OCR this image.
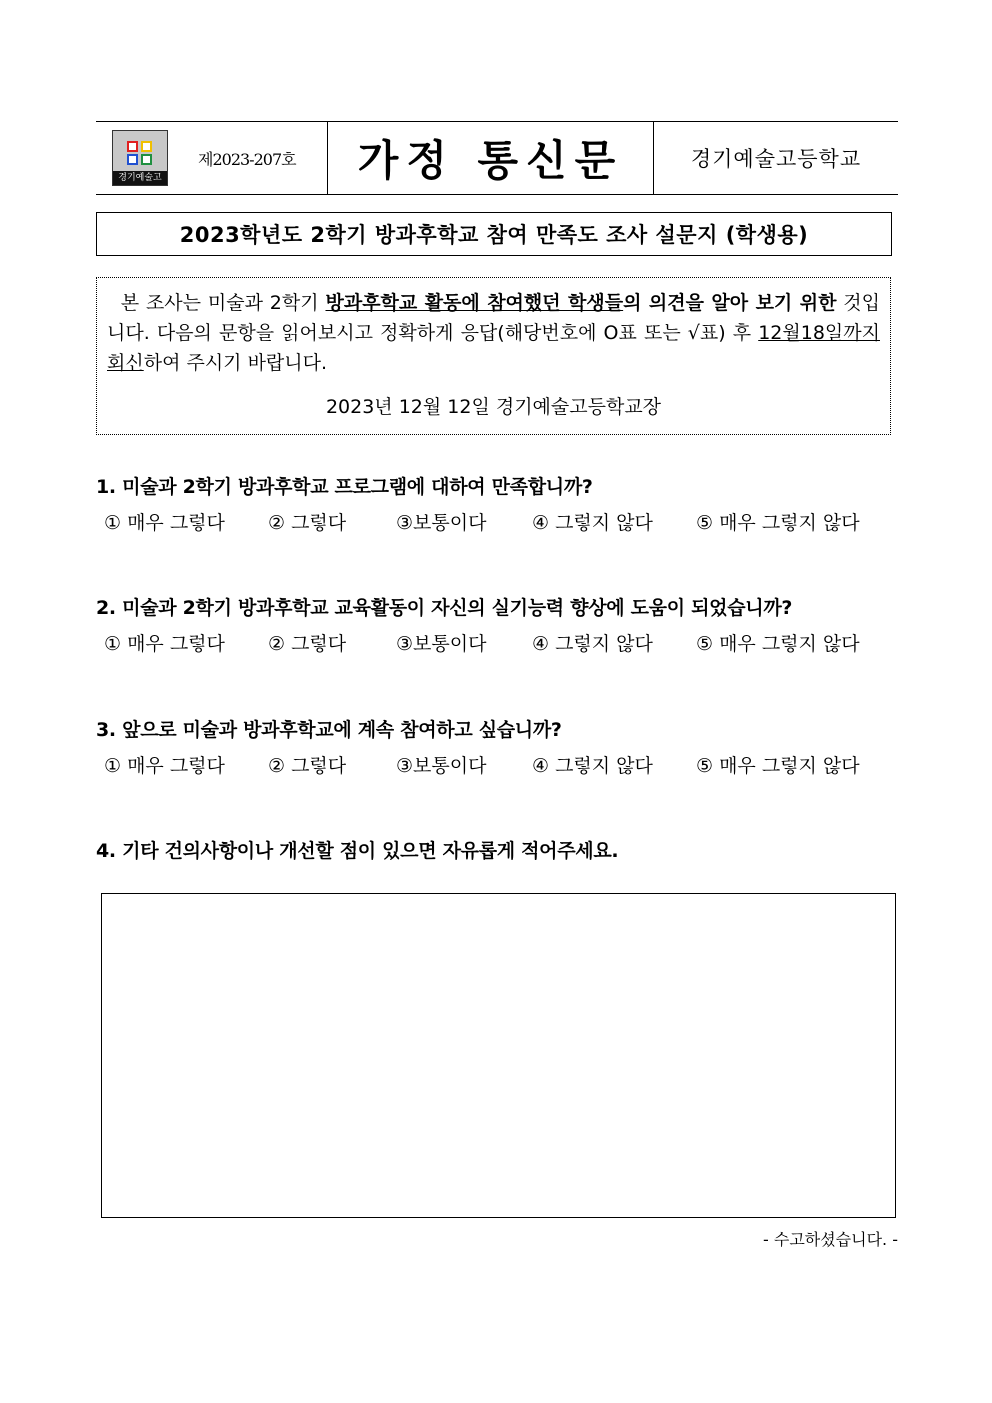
경기예술고
제2023-207호 가정 통신문	경기예술고등학교
2023학년도 2학기 방과후학교 참여 만족도 조사 설문지 (학생용)

본 조사는 미술과 2학기 방과후학교 활동에 참여했던 학생들의 의견을 알아 보기 위한 것입니다. 다음의 문항을 읽어보시고 정확하게 응답(해당번호에 O표 또는 √표) 후 12월18일까지 회신하여 주시기 바랍니다.

2023년 12월 12일 경기예술고등학교장
1. 미술과 2학기 방과후학교 프로그램에 대하여 만족합니까?
① 매우 그렇다	② 그렇다	③보통이다	④ 그렇지 않다	⑤ 매우 그렇지 않다
2. 미술과 2학기 방과후학교 교육활동이 자신의 실기능력 향상에 도움이 되었습니까?
① 매우 그렇다	② 그렇다	③보통이다	④ 그렇지 않다	⑤ 매우 그렇지 않다
3. 앞으로 미술과 방과후학교에 계속 참여하고 싶습니까?
① 매우 그렇다	② 그렇다	③보통이다	④ 그렇지 않다	⑤ 매우 그렇지 않다
4. 기타 건의사항이나 개선할 점이 있으면 자유롭게 적어주세요.
- 수고하셨습니다. -
